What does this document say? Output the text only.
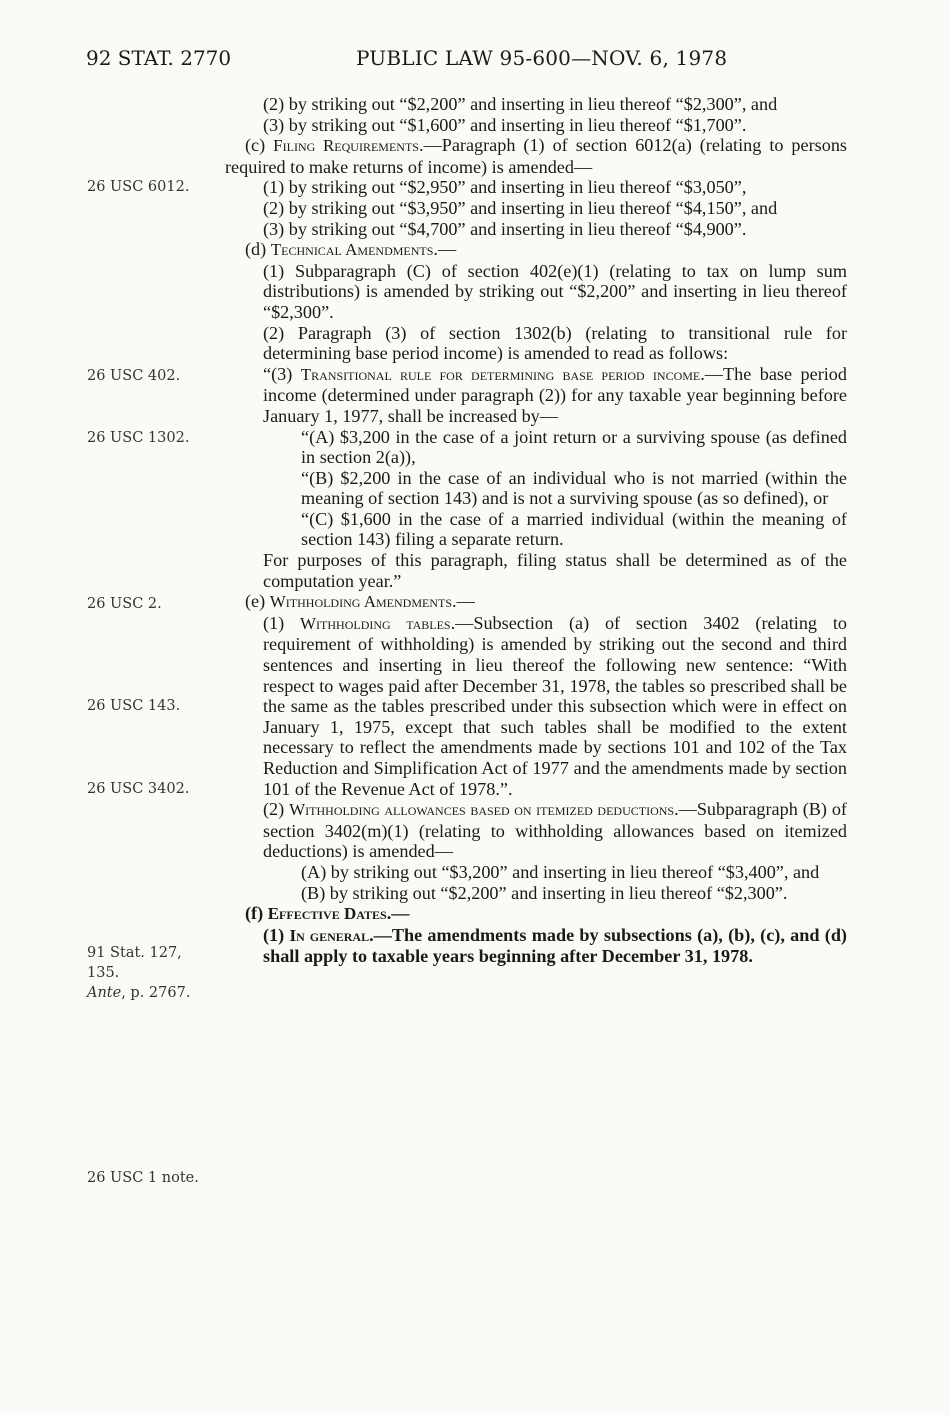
92 STAT. 2770	PUBLIC LAW 95-600—NOV. 6, 1978
26 USC 6012.
26 USC 402.
26 USC 1302.
26 USC 2.
26 USC 143.
26 USC 3402.
91 Stat. 127,
135.
Ante, p. 2767.
26 USC 1 note.

(2) by striking out “$2,200” and inserting in lieu thereof “$2,300”, and

(3) by striking out “$1,600” and inserting in lieu thereof “$1,700”.

(c) Filing Requirements.—Paragraph (1) of section 6012(a) (relating to persons required to make returns of income) is amended—

(1) by striking out “$2,950” and inserting in lieu thereof “$3,050”,

(2) by striking out “$3,950” and inserting in lieu thereof “$4,150”, and

(3) by striking out “$4,700” and inserting in lieu thereof “$4,900”.

(d) Technical Amendments.—

(1) Subparagraph (C) of section 402(e)(1) (relating to tax on lump sum distributions) is amended by striking out “$2,200” and inserting in lieu thereof “$2,300”.

(2) Paragraph (3) of section 1302(b) (relating to transitional rule for determining base period income) is amended to read as follows:

“(3) Transitional rule for determining base period income.—The base period income (determined under paragraph (2)) for any taxable year beginning before January 1, 1977, shall be increased by—

“(A) $3,200 in the case of a joint return or a surviving spouse (as defined in section 2(a)),

“(B) $2,200 in the case of an individual who is not married (within the meaning of section 143) and is not a surviving spouse (as so defined), or

“(C) $1,600 in the case of a married individual (within the meaning of section 143) filing a separate return.

For purposes of this paragraph, filing status shall be determined as of the computation year.”

(e) Withholding Amendments.—

(1) Withholding tables.—Subsection (a) of section 3402 (relating to requirement of withholding) is amended by striking out the second and third sentences and inserting in lieu thereof the following new sentence: “With respect to wages paid after December 31, 1978, the tables so prescribed shall be the same as the tables prescribed under this subsection which were in effect on January 1, 1975, except that such tables shall be modified to the extent necessary to reflect the amendments made by sections 101 and 102 of the Tax Reduction and Simplification Act of 1977 and the amendments made by section 101 of the Revenue Act of 1978.”.

(2) Withholding allowances based on itemized deductions.—Subparagraph (B) of section 3402(m)(1) (relating to withholding allowances based on itemized deductions) is amended—

(A) by striking out “$3,200” and inserting in lieu thereof “$3,400”, and

(B) by striking out “$2,200” and inserting in lieu thereof “$2,300”.

(f) Effective Dates.—

(1) In general.—The amendments made by subsections (a), (b), (c), and (d) shall apply to taxable years beginning after December 31, 1978.
